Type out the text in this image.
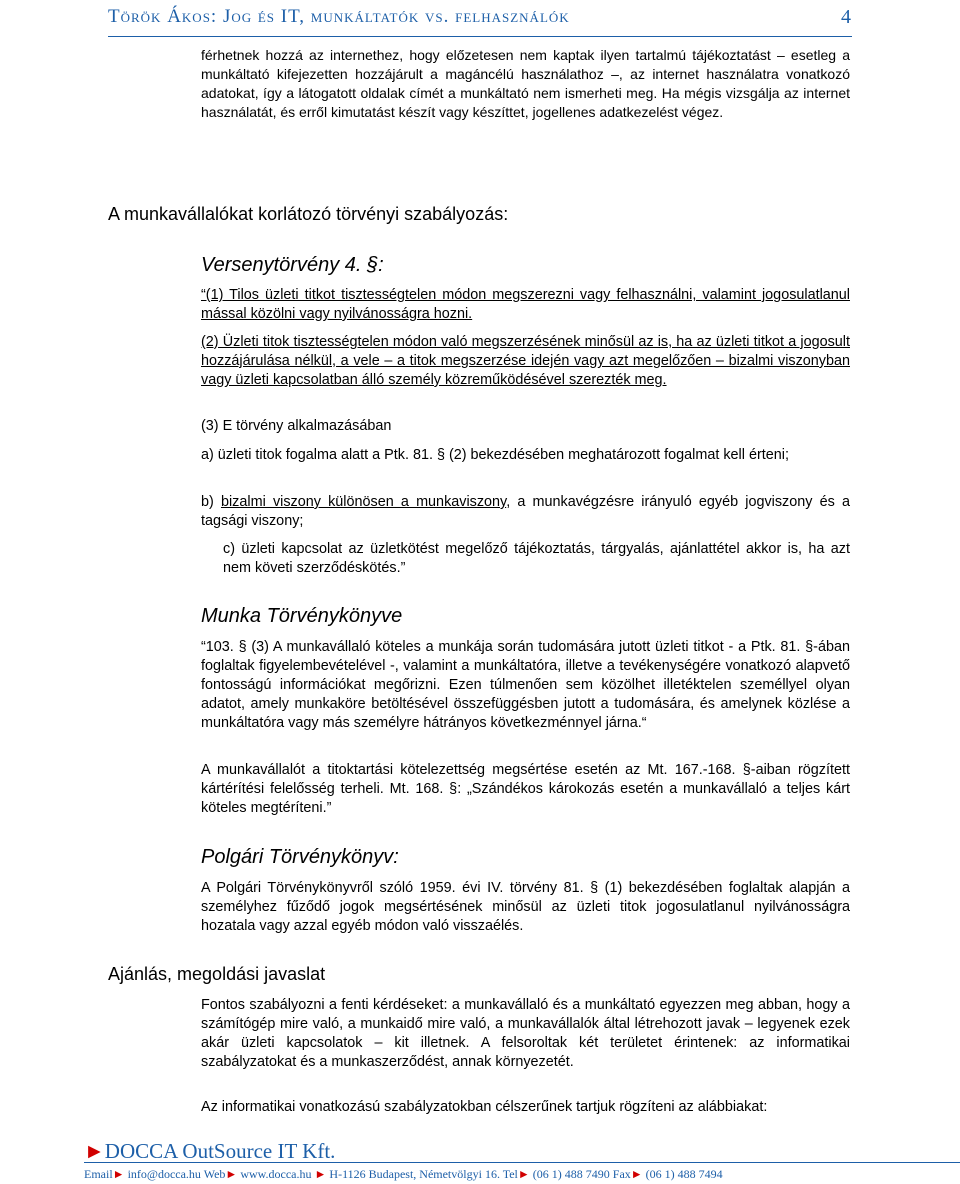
Török Ákos: Jog és IT, munkáltatók vs. felhasználók	4
férhetnek hozzá az internethez, hogy előzetesen nem kaptak ilyen tartalmú tájékoztatást – esetleg a munkáltató kifejezetten hozzájárult a magáncélú használathoz –, az internet használatra vonatkozó adatokat, így a látogatott oldalak címét a munkáltató nem ismerheti meg. Ha mégis vizsgálja az internet használatát, és erről kimutatást készít vagy készíttet, jogellenes adatkezelést végez.
A munkavállalókat korlátozó törvényi szabályozás:
Versenytörvény 4. §:
“(1) Tilos üzleti titkot tisztességtelen módon megszerezni vagy felhasználni, valamint jogosulatlanul mással közölni vagy nyilvánosságra hozni.
(2) Üzleti titok tisztességtelen módon való megszerzésének minősül az is, ha az üzleti titkot a jogosult hozzájárulása nélkül, a vele – a titok megszerzése idején vagy azt megelőzően – bizalmi viszonyban vagy üzleti kapcsolatban álló személy közreműködésével szerezték meg.
(3) E törvény alkalmazásában
a) üzleti titok fogalma alatt a Ptk. 81. § (2) bekezdésében meghatározott fogalmat kell érteni;
b) bizalmi viszony különösen a munkaviszony, a munkavégzésre irányuló egyéb jogviszony és a tagsági viszony;
c) üzleti kapcsolat az üzletkötést megelőző tájékoztatás, tárgyalás, ajánlattétel akkor is, ha azt nem követi szerződéskötés.”
Munka Törvénykönyve
“103. § (3) A munkavállaló köteles a munkája során tudomására jutott üzleti titkot - a Ptk. 81. §-ában foglaltak figyelembevételével -, valamint a munkáltatóra, illetve a tevékenységére vonatkozó alapvető fontosságú információkat megőrizni. Ezen túlmenően sem közölhet illetéktelen személlyel olyan adatot, amely munkaköre betöltésével összefüggésben jutott a tudomására, és amelynek közlése a munkáltatóra vagy más személyre hátrányos következménnyel járna.“
A munkavállalót a titoktartási kötelezettség megsértése esetén az Mt. 167.-168. §-aiban rögzített kártérítési felelősség terheli. Mt. 168. §: „Szándékos károkozás esetén a munkavállaló a teljes kárt köteles megtéríteni.”
Polgári Törvénykönyv:
A Polgári Törvénykönyvről szóló 1959. évi IV. törvény 81. § (1) bekezdésében foglaltak alapján a személyhez fűződő jogok megsértésének minősül az üzleti titok jogosulatlanul nyilvánosságra hozatala vagy azzal egyéb módon való visszaélés.
Ajánlás, megoldási javaslat
Fontos szabályozni a fenti kérdéseket: a munkavállaló és a munkáltató egyezzen meg abban, hogy a számítógép mire való, a munkaidő mire való, a munkavállalók által létrehozott javak – legyenek ezek akár üzleti kapcsolatok – kit illetnek. A felsoroltak két területet érintenek: az informatikai szabályzatokat és a munkaszerződést, annak környezetét.
Az informatikai vonatkozású szabályzatokban célszerűnek tartjuk rögzíteni az alábbiakat:
►DOCCA OutSource IT Kft.
Email► info@docca.hu Web► www.docca.hu ► H-1126 Budapest, Németvölgyi 16. Tel► (06 1) 488 7490 Fax► (06 1) 488 7494
